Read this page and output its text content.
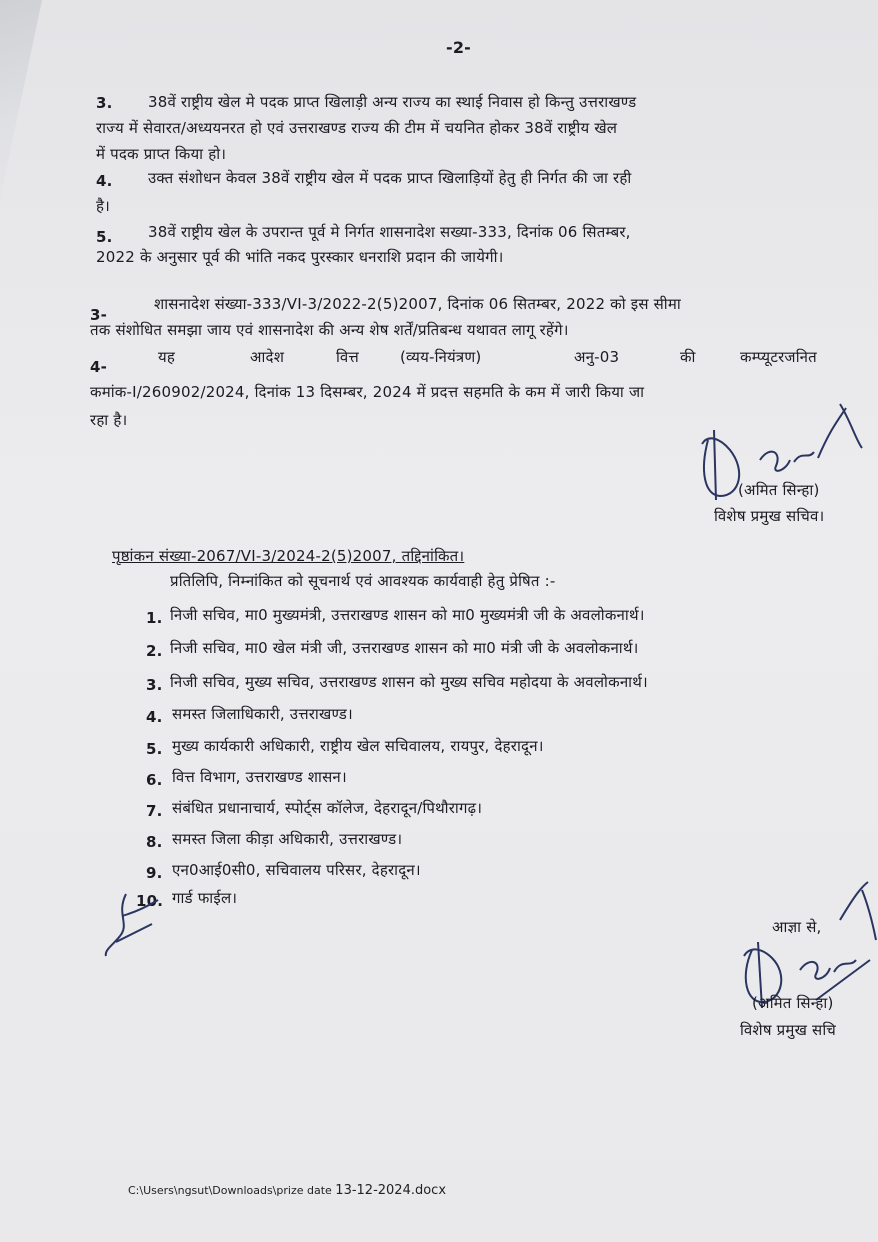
-2-
3. 38वें राष्ट्रीय खेल मे पदक प्राप्त खिलाड़ी अन्य राज्य का स्थाई निवास हो किन्तु उत्तराखण्ड
राज्य में सेवारत/अध्ययनरत हो एवं उत्तराखण्ड राज्य की टीम में चयनित होकर 38वें राष्ट्रीय खेल
में पदक प्राप्त किया हो।
4. उक्त संशोधन केवल 38वें राष्ट्रीय खेल में पदक प्राप्त खिलाड़ियों हेतु ही निर्गत की जा रही
है।
5. 38वें राष्ट्रीय खेल के उपरान्त पूर्व मे निर्गत शासनादेश सख्या-333, दिनांक 06 सितम्बर,
2022 के अनुसार पूर्व की भांति नकद पुरस्कार धनराशि प्रदान की जायेगी।
3-
शासनादेश संख्या-333/VI-3/2022-2(5)2007, दिनांक 06 सितम्बर, 2022 को इस सीमा
तक संशोधित समझा जाय एवं शासनादेश की अन्य शेष शर्तें/प्रतिबन्ध यथावत लागू रहेंगे।
4-
यह	आदेश	वित्त	(व्यय-नियंत्रण)	अनु-03	की	कम्प्यूटरजनित
कमांक-I/260902/2024, दिनांक 13 दिसम्बर, 2024 में प्रदत्त सहमति के कम में जारी किया जा
रहा है।
(अमित सिन्हा)
विशेष प्रमुख सचिव।
पृष्ठांकन संख्या-2067/VI-3/2024-2(5)2007, तद्दिनांकित।
प्रतिलिपि, निम्नांकित को सूचनार्थ एवं आवश्यक कार्यवाही हेतु प्रेषित :-
1. निजी सचिव, मा0 मुख्यमंत्री, उत्तराखण्ड शासन को मा0 मुख्यमंत्री जी के अवलोकनार्थ।
2. निजी सचिव, मा0 खेल मंत्री जी, उत्तराखण्ड शासन को मा0 मंत्री जी के अवलोकनार्थ।
3. निजी सचिव, मुख्य सचिव, उत्तराखण्ड शासन को मुख्य सचिव महोदया के अवलोकनार्थ।
4. समस्त जिलाधिकारी, उत्तराखण्ड।
5. मुख्य कार्यकारी अधिकारी, राष्ट्रीय खेल सचिवालय, रायपुर, देहरादून।
6. वित्त विभाग, उत्तराखण्ड शासन।
7. संबंधित प्रधानाचार्य, स्पोर्ट्स कॉलेज, देहरादून/पिथौरागढ़।
8. समस्त जिला कीड़ा अधिकारी, उत्तराखण्ड।
9. एन0आई0सी0, सचिवालय परिसर, देहरादून।
10. गार्ड फाईल।
आज्ञा से,
(अमित सिन्हा)
विशेष प्रमुख सचि
C:\Users\ngsut\Downloads\prize date 13-12-2024.docx
